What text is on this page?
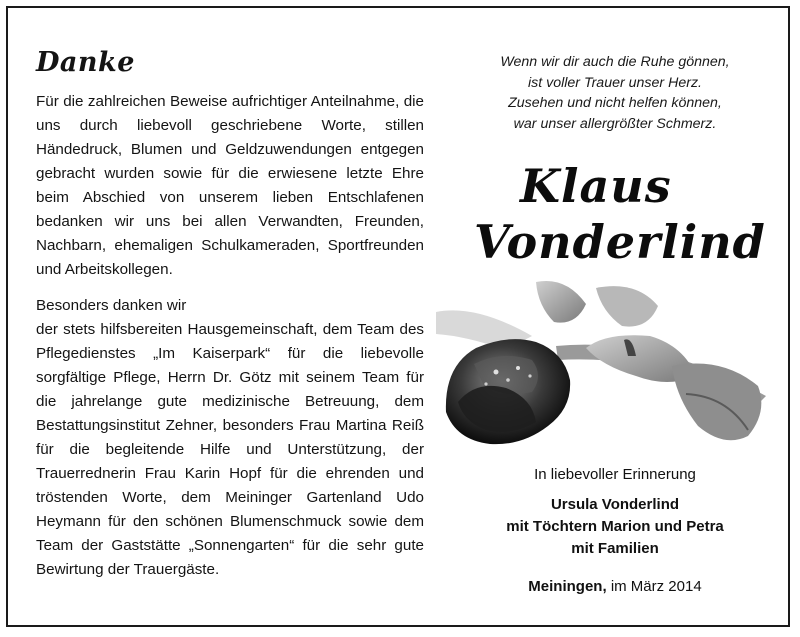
Danke

Für die zahlreichen Beweise aufrichtiger Anteilnahme, die uns durch liebevoll geschriebene Worte, stillen Händedruck, Blumen und Geldzuwendungen entgegen gebracht wurden sowie für die erwiesene letzte Ehre beim Abschied von unserem lieben Entschlafenen bedanken wir uns bei allen Verwandten, Freunden, Nachbarn, ehemaligen Schulkameraden, Sportfreunden und Arbeitskollegen.

Besonders danken wir
der stets hilfsbereiten Hausgemeinschaft, dem Team des Pflegedienstes „Im Kaiserpark“ für die liebevolle sorgfältige Pflege, Herrn Dr. Götz mit seinem Team für die jahrelange gute medizinische Betreuung, dem Bestattungsinstitut Zehner, besonders Frau Martina Reiß für die begleitende Hilfe und Unterstützung, der Trauerrednerin Frau Karin Hopf für die ehrenden und tröstenden Worte, dem Meininger Gartenland Udo Heymann für den schönen Blumenschmuck sowie dem Team der Gaststätte „Sonnengarten“ für die sehr gute Bewirtung der Trauergäste.

Wenn wir dir auch die Ruhe gönnen,
ist voller Trauer unser Herz.
Zusehen und nicht helfen können,
war unser allergrößter Schmerz.
Klaus
Vonderlind
In liebevoller Erinnerung
Ursula Vonderlind
mit Töchtern Marion und Petra
mit Familien
Meiningen, im März 2014
